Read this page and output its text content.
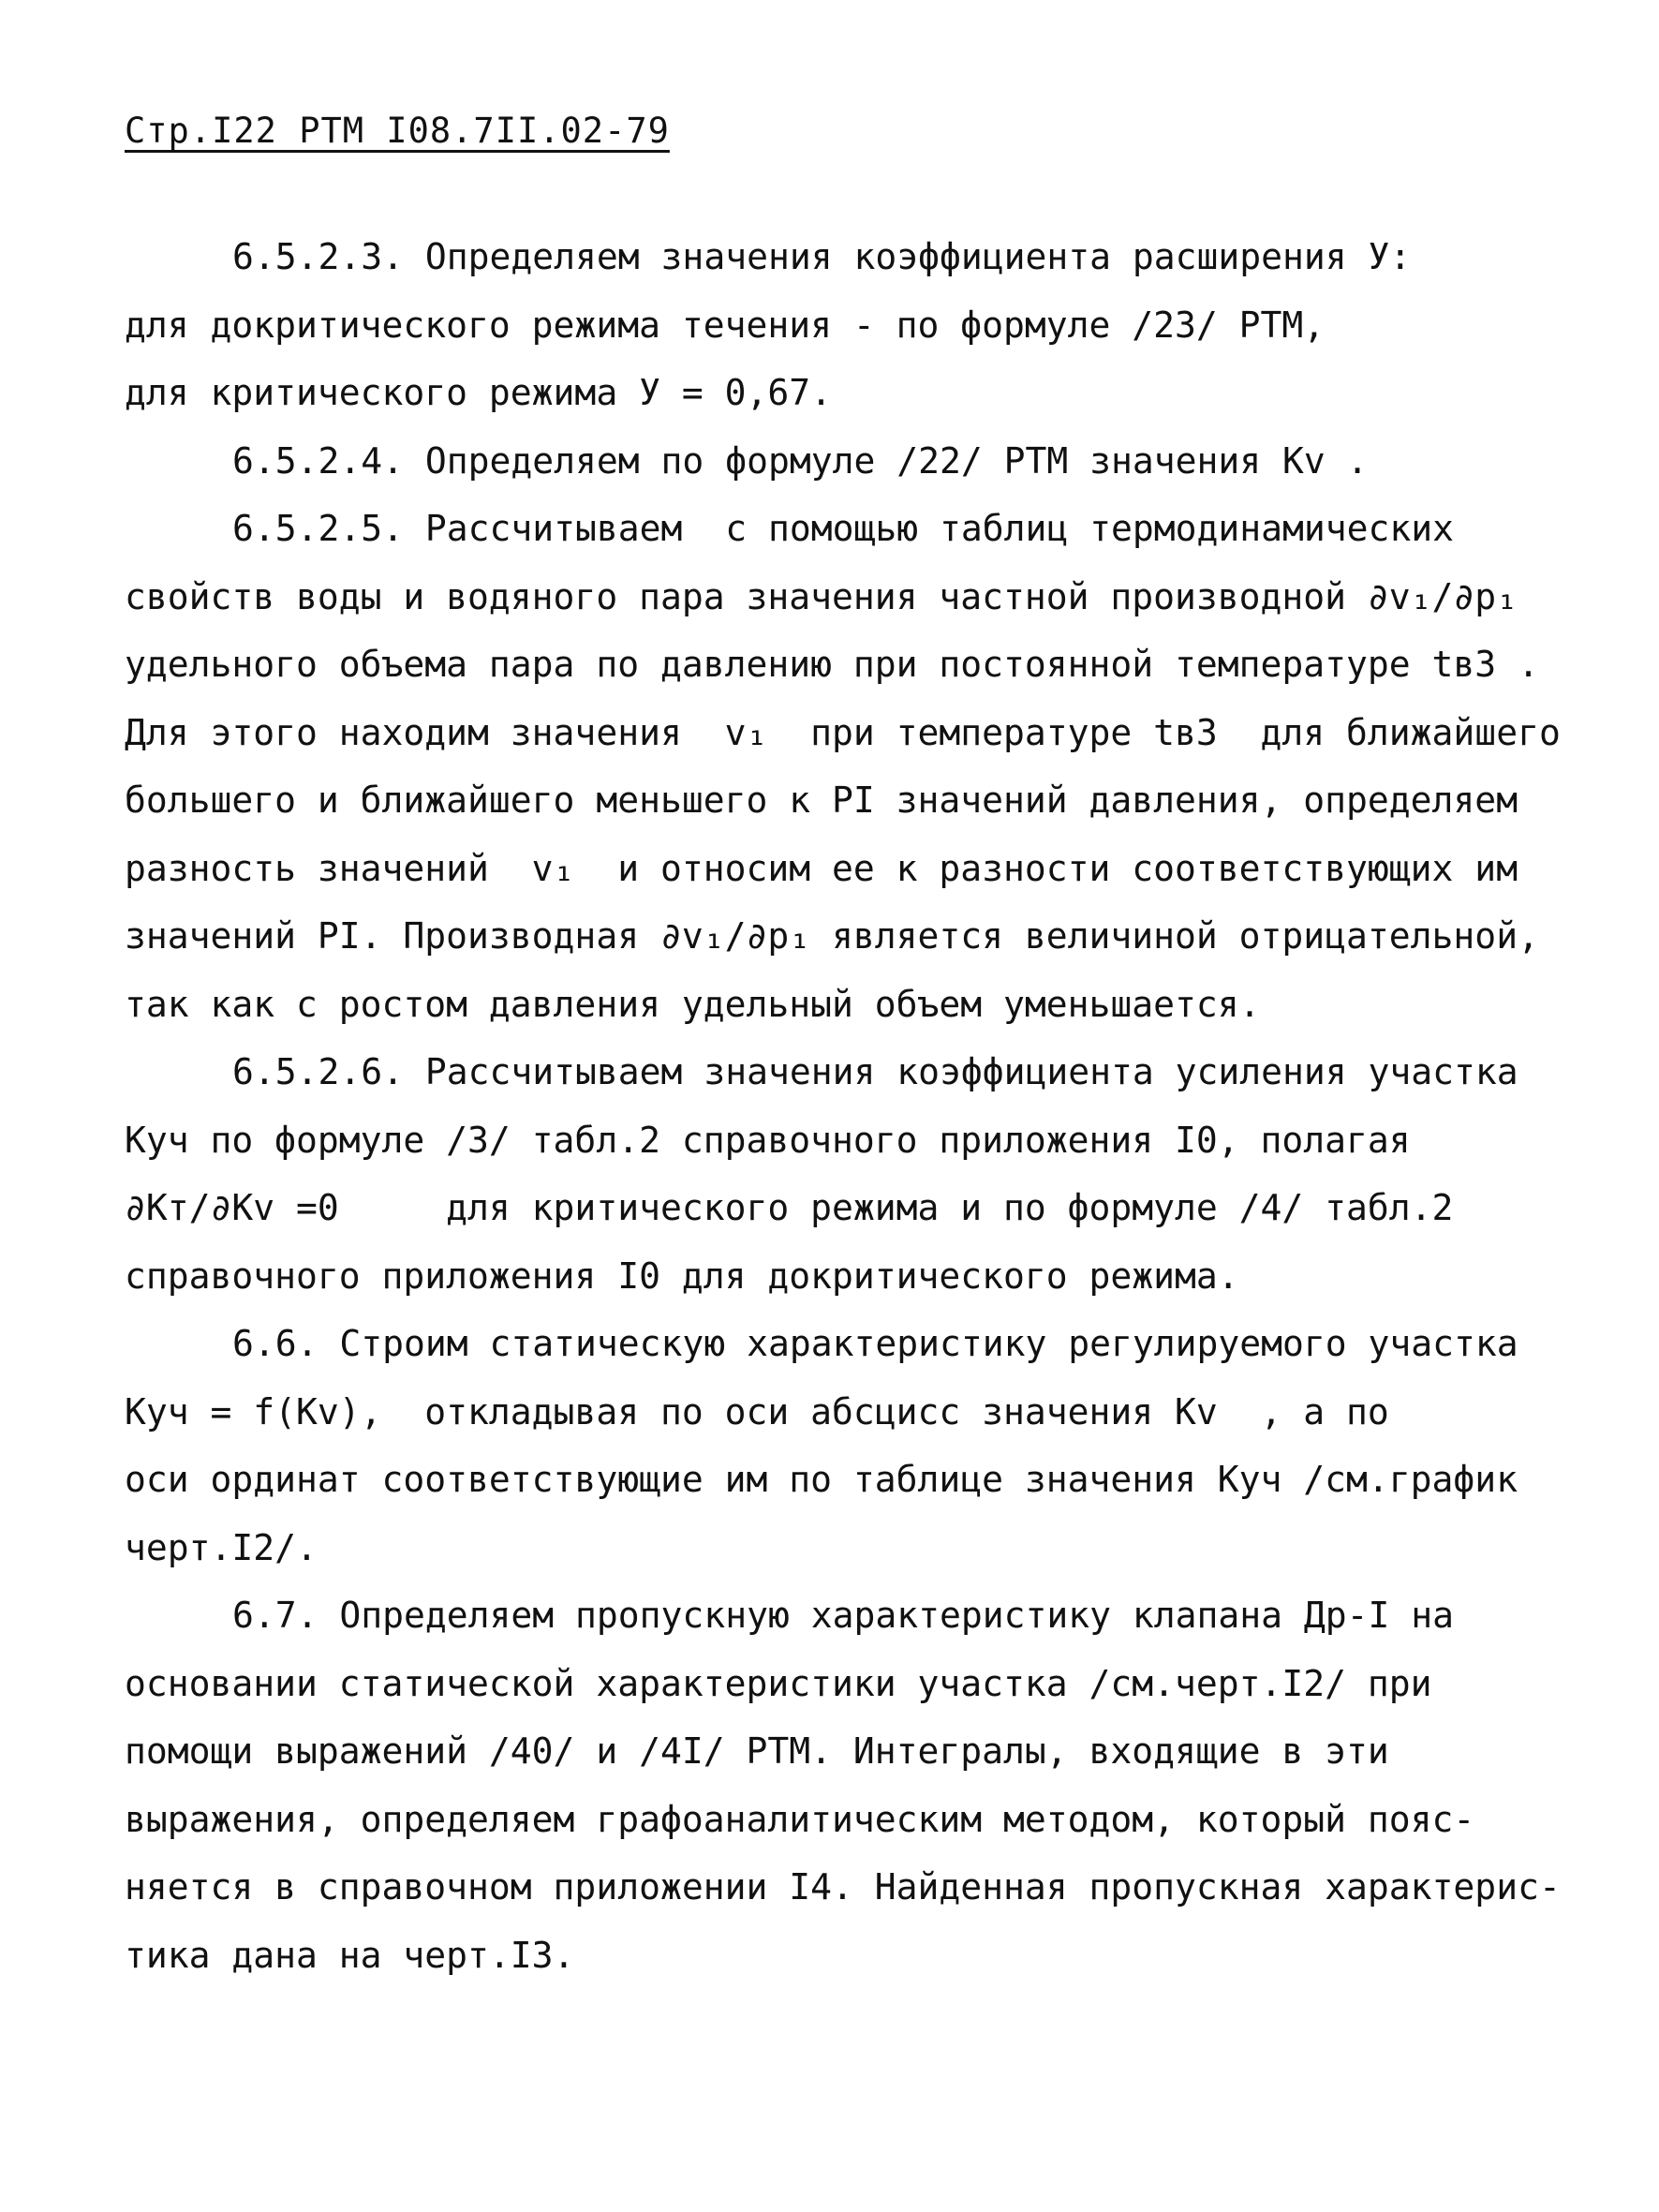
Стр.I22 РТМ I08.7II.02-79
6.5.2.3. Определяем значения коэффициента расширения У:
для докритического режима течения - по формуле /23/ РТМ,
для критического режима У = 0,67.
6.5.2.4. Определяем по формуле /22/ РТМ значения Kv .
6.5.2.5. Рассчитываем  с помощью таблиц термодинамических
свойств воды и водяного пара значения частной производной ∂v₁/∂p₁
удельного объема пара по давлению при постоянной температуре tв3 .
Для этого находим значения  v₁  при температуре tв3  для ближайшего
большего и ближайшего меньшего к PI значений давления, определяем
разность значений  v₁  и относим ее к разности соответствующих им
значений PI. Производная ∂v₁/∂p₁ является величиной отрицательной,
так как с ростом давления удельный объем уменьшается.
6.5.2.6. Рассчитываем значения коэффициента усиления участка
Куч по формуле /3/ табл.2 справочного приложения I0, полагая
∂Kт/∂Kv =0     для критического режима и по формуле /4/ табл.2
справочного приложения I0 для докритического режима.
6.6. Строим статическую характеристику регулируемого участка
Куч = f(Kv),  откладывая по оси абсцисс значения Kv  , а по
оси ординат соответствующие им по таблице значения Куч /см.график
черт.I2/.
6.7. Определяем пропускную характеристику клапана Др-I на
основании статической характеристики участка /см.черт.I2/ при
помощи выражений /40/ и /4I/ РТМ. Интегралы, входящие в эти
выражения, определяем графоаналитическим методом, который пояс-
няется в справочном приложении I4. Найденная пропускная характерис-
тика дана на черт.I3.
